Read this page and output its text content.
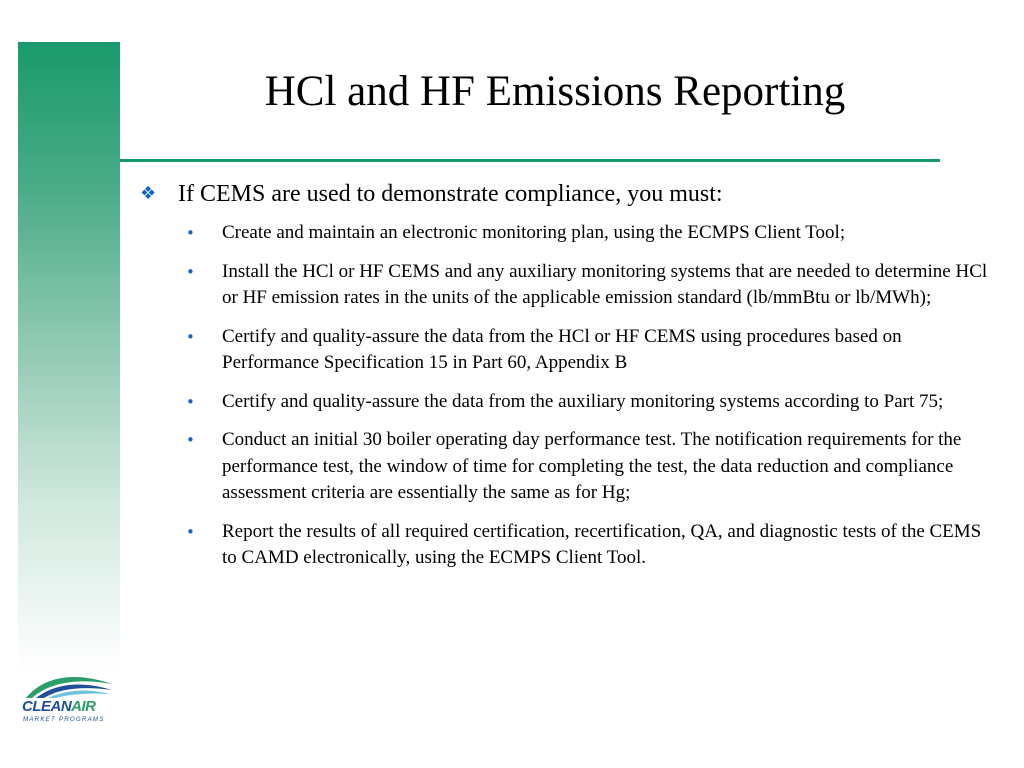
HCl and HF Emissions Reporting
❖ If CEMS are used to demonstrate compliance, you must:
• Create and maintain an electronic monitoring plan, using the ECMPS Client Tool;
• Install the HCl or HF CEMS and any auxiliary monitoring systems that are needed to determine HCl or HF emission rates in the units of the applicable emission standard (lb/mmBtu or lb/MWh);
• Certify and quality-assure the data from the HCl or HF CEMS using procedures based on Performance Specification 15 in Part 60, Appendix B
• Certify and quality-assure the data from the auxiliary monitoring systems according to Part 75;
• Conduct an initial 30 boiler operating day performance test. The notification requirements for the performance test, the window of time for completing the test, the data reduction and compliance assessment criteria are essentially the same as for Hg;
• Report the results of all required certification, recertification, QA, and diagnostic tests of the CEMS to CAMD electronically, using the ECMPS Client Tool.
CLEANAIR
MARKET PROGRAMS
